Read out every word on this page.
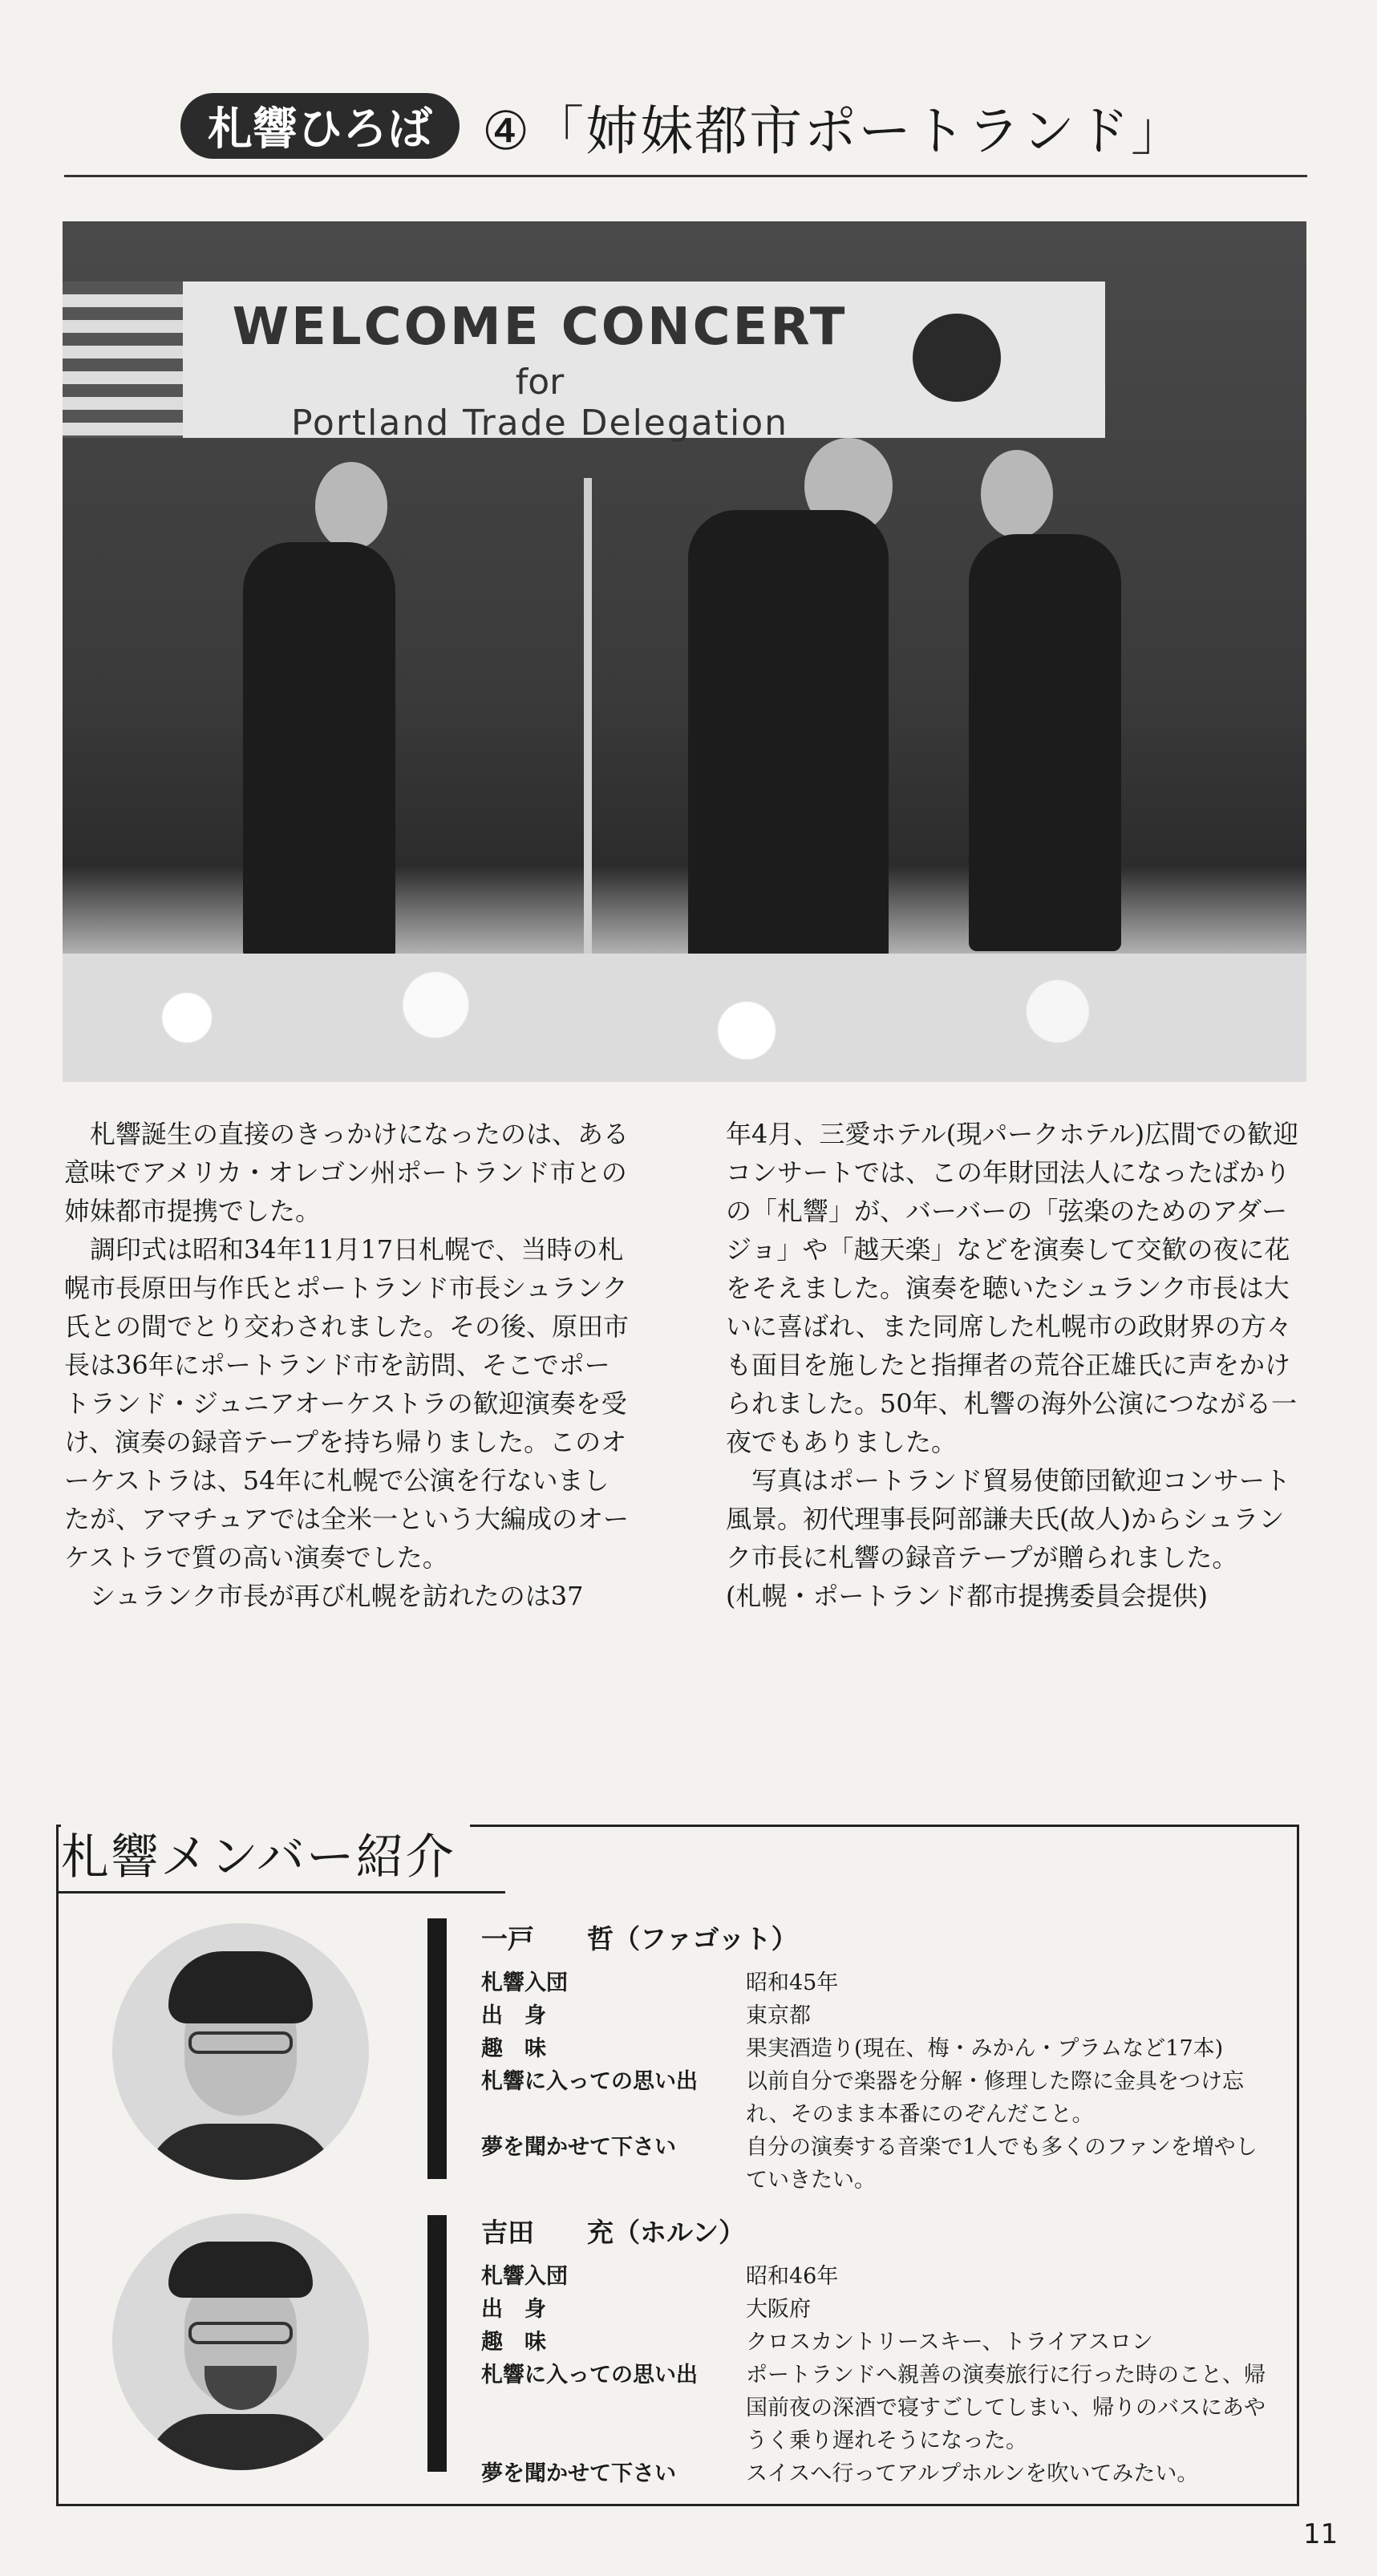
札響ひろば ④「姉妹都市ポートランド」
WELCOME CONCERT
for
Portland Trade Delegation

札響誕生の直接のきっかけになったのは、ある意味でアメリカ・オレゴン州ポートランド市との姉妹都市提携でした。

調印式は昭和34年11月17日札幌で、当時の札幌市長原田与作氏とポートランド市長シュランク氏との間でとり交わされました。その後、原田市長は36年にポートランド市を訪問、そこでポートランド・ジュニアオーケストラの歓迎演奏を受け、演奏の録音テープを持ち帰りました。このオーケストラは、54年に札幌で公演を行ないましたが、アマチュアでは全米一という大編成のオーケストラで質の高い演奏でした。

シュランク市長が再び札幌を訪れたのは37

年4月、三愛ホテル(現パークホテル)広間での歓迎コンサートでは、この年財団法人になったばかりの「札響」が、バーバーの「弦楽のためのアダージョ」や「越天楽」などを演奏して交歓の夜に花をそえました。演奏を聴いたシュランク市長は大いに喜ばれ、また同席した札幌市の政財界の方々も面目を施したと指揮者の荒谷正雄氏に声をかけられました。50年、札響の海外公演につながる一夜でもありました。

写真はポートランド貿易使節団歓迎コンサート風景。初代理事長阿部謙夫氏(故人)からシュランク市長に札響の録音テープが贈られました。

(札幌・ポートランド都市提携委員会提供)

札響メンバー紹介
一戸　　哲（ファゴット）
札響入団	昭和45年
出　身	東京都
趣　味	果実酒造り(現在、梅・みかん・プラムなど17本)
札響に入っての思い出	以前自分で楽器を分解・修理した際に金具をつけ忘れ、そのまま本番にのぞんだこと。
夢を聞かせて下さい	自分の演奏する音楽で1人でも多くのファンを増やしていきたい。
吉田　　充（ホルン）
札響入団	昭和46年
出　身	大阪府
趣　味	クロスカントリースキー、トライアスロン
札響に入っての思い出	ポートランドへ親善の演奏旅行に行った時のこと、帰国前夜の深酒で寝すごしてしまい、帰りのバスにあやうく乗り遅れそうになった。
夢を聞かせて下さい	スイスへ行ってアルプホルンを吹いてみたい。
11
